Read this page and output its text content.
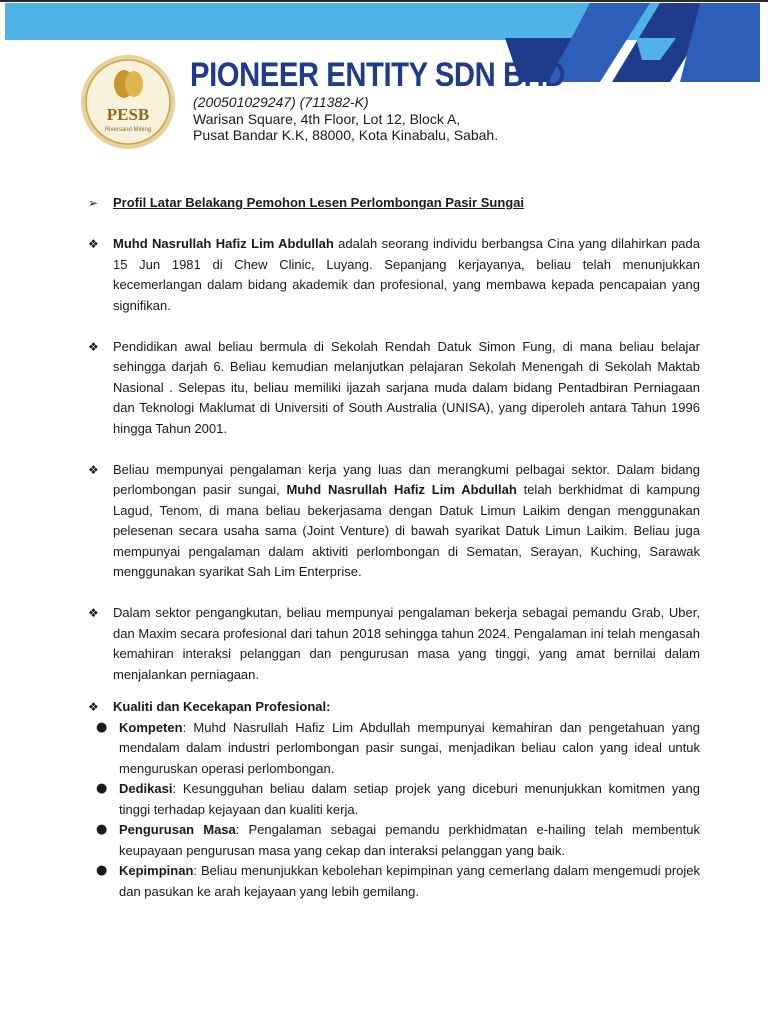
PESB
Riversand Mining
PIONEER ENTITY SDN BHD
(200501029247) (711382-K)
Warisan Square, 4th Floor, Lot 12, Block A,
Pusat Bandar K.K, 88000, Kota Kinabalu, Sabah.
➢	Profil Latar Belakang Pemohon Lesen Perlombongan Pasir Sungai
❖	Muhd Nasrullah Hafiz Lim Abdullah adalah seorang individu berbangsa Cina yang dilahirkan pada 15 Jun 1981 di Chew Clinic, Luyang. Sepanjang kerjayanya, beliau telah menunjukkan kecemerlangan dalam bidang akademik dan profesional, yang membawa kepada pencapaian yang signifikan.
❖	Pendidikan awal beliau bermula di Sekolah Rendah Datuk Simon Fung, di mana beliau belajar sehingga darjah 6. Beliau kemudian melanjutkan pelajaran Sekolah Menengah di Sekolah Maktab Nasional . Selepas itu, beliau memiliki ijazah sarjana muda dalam bidang Pentadbiran Perniagaan dan Teknologi Maklumat di Universiti of South Australia (UNISA), yang diperoleh antara Tahun 1996 hingga Tahun 2001.
❖	Beliau mempunyai pengalaman kerja yang luas dan merangkumi pelbagai sektor. Dalam bidang perlombongan pasir sungai, Muhd Nasrullah Hafiz Lim Abdullah telah berkhidmat di kampung Lagud, Tenom, di mana beliau bekerjasama dengan Datuk Limun Laikim dengan menggunakan pelesenan secara usaha sama (Joint Venture) di bawah syarikat Datuk Limun Laikim. Beliau juga mempunyai pengalaman dalam aktiviti perlombongan di Sematan, Serayan, Kuching, Sarawak menggunakan syarikat Sah Lim Enterprise.
❖	Dalam sektor pengangkutan, beliau mempunyai pengalaman bekerja sebagai pemandu Grab, Uber, dan Maxim secara profesional dari tahun 2018 sehingga tahun 2024. Pengalaman ini telah mengasah kemahiran interaksi pelanggan dan pengurusan masa yang tinggi, yang amat bernilai dalam menjalankan perniagaan.
❖	Kualiti dan Kecekapan Profesional:
● Kompeten: Muhd Nasrullah Hafiz Lim Abdullah mempunyai kemahiran dan pengetahuan yang mendalam dalam industri perlombongan pasir sungai, menjadikan beliau calon yang ideal untuk menguruskan operasi perlombongan.
● Dedikasi: Kesungguhan beliau dalam setiap projek yang diceburi menunjukkan komitmen yang tinggi terhadap kejayaan dan kualiti kerja.
● Pengurusan Masa: Pengalaman sebagai pemandu perkhidmatan e-hailing telah membentuk keupayaan pengurusan masa yang cekap dan interaksi pelanggan yang baik.
● Kepimpinan: Beliau menunjukkan kebolehan kepimpinan yang cemerlang dalam mengemudi projek dan pasukan ke arah kejayaan yang lebih gemilang.
